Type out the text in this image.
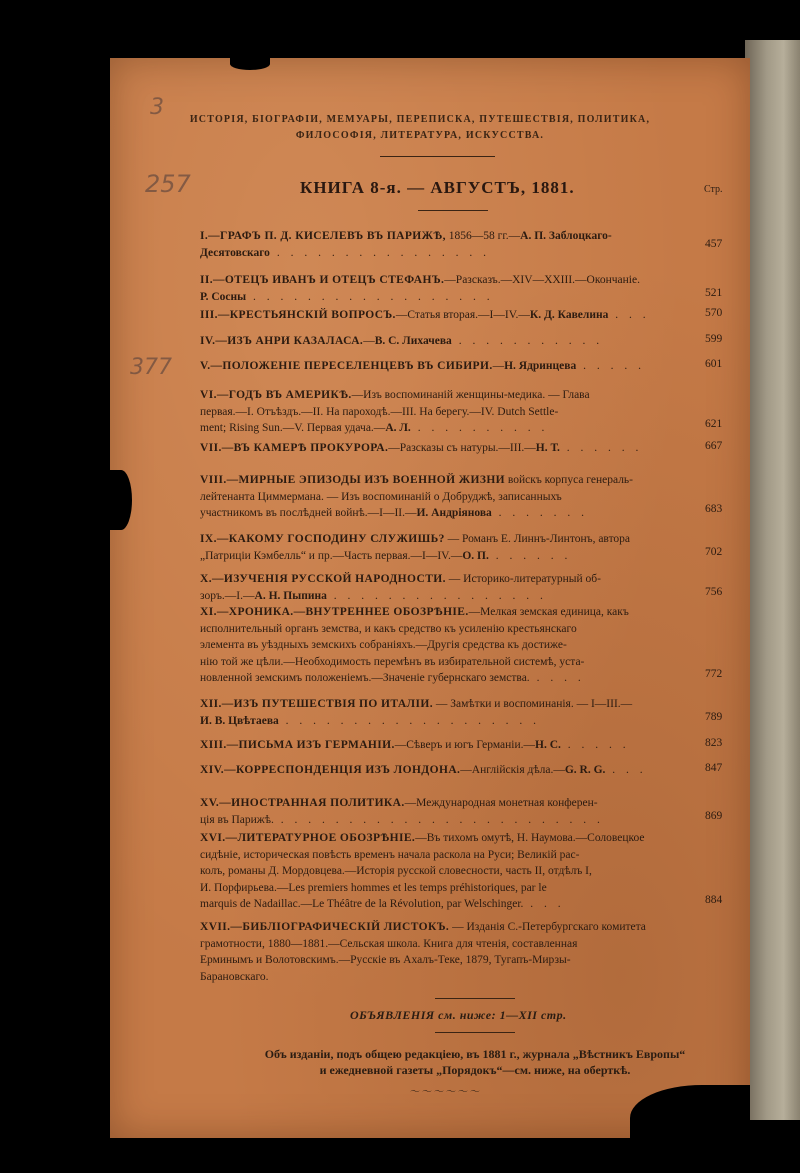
3
257
377
ИСТОРІЯ, БІОГРАФІИ, МЕМУАРЫ, ПЕРЕПИСКА, ПУТЕШЕСТВІЯ, ПОЛИТИКА,
ФИЛОСОФІЯ, ЛИТЕРАТУРА, ИСКУССТВА.
КНИГА 8-я. — АВГУСТЪ, 1881.	Стр.
ОБЪЯВЛЕНІЯ см. ниже: 1—XII стр.
Объ изданіи, подъ общею редакціею, въ 1881 г., журнала „Вѣстникъ Европы“
и ежедневной газеты „Порядокъ“—см. ниже, на оберткѣ.
～～～～～～
I.—ГРАФЪ П. Д. КИСЕЛЕВЪ ВЪ ПАРИЖѢ, 1856—58 гг.—А. П. Заблоцкаго-
Десятовскаго . . . . . . . . . . . . . . . .
457
II.—ОТЕЦЪ ИВАНЪ И ОТЕЦЪ СТЕФАНЪ.—Разсказъ.—XIV—XXIII.—Окончаніе.
Р. Сосны . . . . . . . . . . . . . . . . . .	521
III.—КРЕСТЬЯНСКІЙ ВОПРОСЪ.—Статья вторая.—I—IV.—К. Д. Кавелина . . .	570
IV.—ИЗЪ АНРИ КАЗАЛАСА.—В. С. Лихачева . . . . . . . . . . .	599
V.—ПОЛОЖЕНІЕ ПЕРЕСЕЛЕНЦЕВЪ ВЪ СИБИРИ.—Н. Ядринцева . . . . .	601
VI.—ГОДЪ ВЪ АМЕРИКѢ.—Изъ воспоминаній женщины-медика. — Глава
первая.—I. Отъѣздъ.—II. На пароходѣ.—III. На берегу.—IV. Dutch Settle-
ment; Rising Sun.—V. Первая удача.—А. Л. . . . . . . . . . .	621
VII.—ВЪ КАМЕРѢ ПРОКУРОРА.—Разсказы съ натуры.—III.—Н. Т. . . . . . .	667
VIII.—МИРНЫЕ ЭПИЗОДЫ ИЗЪ ВОЕННОЙ ЖИЗНИ войскъ корпуса генераль-
лейтенанта Циммермана. — Изъ воспоминаній о Добруджѣ, записанныхъ
участникомъ въ послѣдней войнѣ.—I—II.—И. Андріянова . . . . . . .	683
IX.—КАКОМУ ГОСПОДИНУ СЛУЖИШЬ? — Романъ Е. Линнъ-Линтонъ, автора
„Патриціи Кэмбелль“ и пр.—Часть первая.—I—IV.—О. П. . . . . . .	702
X.—ИЗУЧЕНІЯ РУССКОЙ НАРОДНОСТИ. — Историко-литературный об-
зоръ.—I.—А. Н. Пыпина . . . . . . . . . . . . . . . .	756
XI.—ХРОНИКА.—ВНУТРЕННЕЕ ОБОЗРѢНІЕ.—Мелкая земская единица, какъ
исполнительный органъ земства, и какъ средство къ усиленію крестьянскаго
элемента въ уѣздныхъ земскихъ собраніяхъ.—Другія средства къ достиже-
нію той же цѣли.—Необходимость перемѣнъ въ избирательной системѣ, уста-
новленной земскимъ положеніемъ.—Значеніе губернскаго земства. . . . .	772
XII.—ИЗЪ ПУТЕШЕСТВІЯ ПО ИТАЛІИ. — Замѣтки и воспоминанія. — I—III.—
И. В. Цвѣтаева . . . . . . . . . . . . . . . . . . .	789
XIII.—ПИСЬМА ИЗЪ ГЕРМАНІИ.—Сѣверъ и югъ Германіи.—Н. С. . . . . .	823
XIV.—КОРРЕСПОНДЕНЦІЯ ИЗЪ ЛОНДОНА.—Англійскія дѣла.—G. R. G. . . .	847
XV.—ИНОСТРАННАЯ ПОЛИТИКА.—Международная монетная конферен-
ція въ Парижѣ. . . . . . . . . . . . . . . . . . . . . . . . .	869
XVI.—ЛИТЕРАТУРНОЕ ОБОЗРѢНІЕ.—Въ тихомъ омутѣ, Н. Наумова.—Соловецкое
сидѣніе, историческая повѣсть временъ начала раскола на Руси; Великій рас-
колъ, романы Д. Мордовцева.—Исторія русской словесности, часть II, отдѣлъ I,
И. Порфирьева.—Les premiers hommes et les temps préhistoriques, par le
marquis de Nadaillac.—Le Théâtre de la Révolution, par Welschinger. . . .	884
XVII.—БИБЛІОГРАФИЧЕСКІЙ ЛИСТОКЪ. — Изданія С.-Петербургскаго комитета
грамотности, 1880—1881.—Сельская школа. Книга для чтенія, составленная
Ерминымъ и Волотовскимъ.—Русскіе въ Ахалъ-Теке, 1879, Тугапъ-Мирзы-
Барановскаго.
